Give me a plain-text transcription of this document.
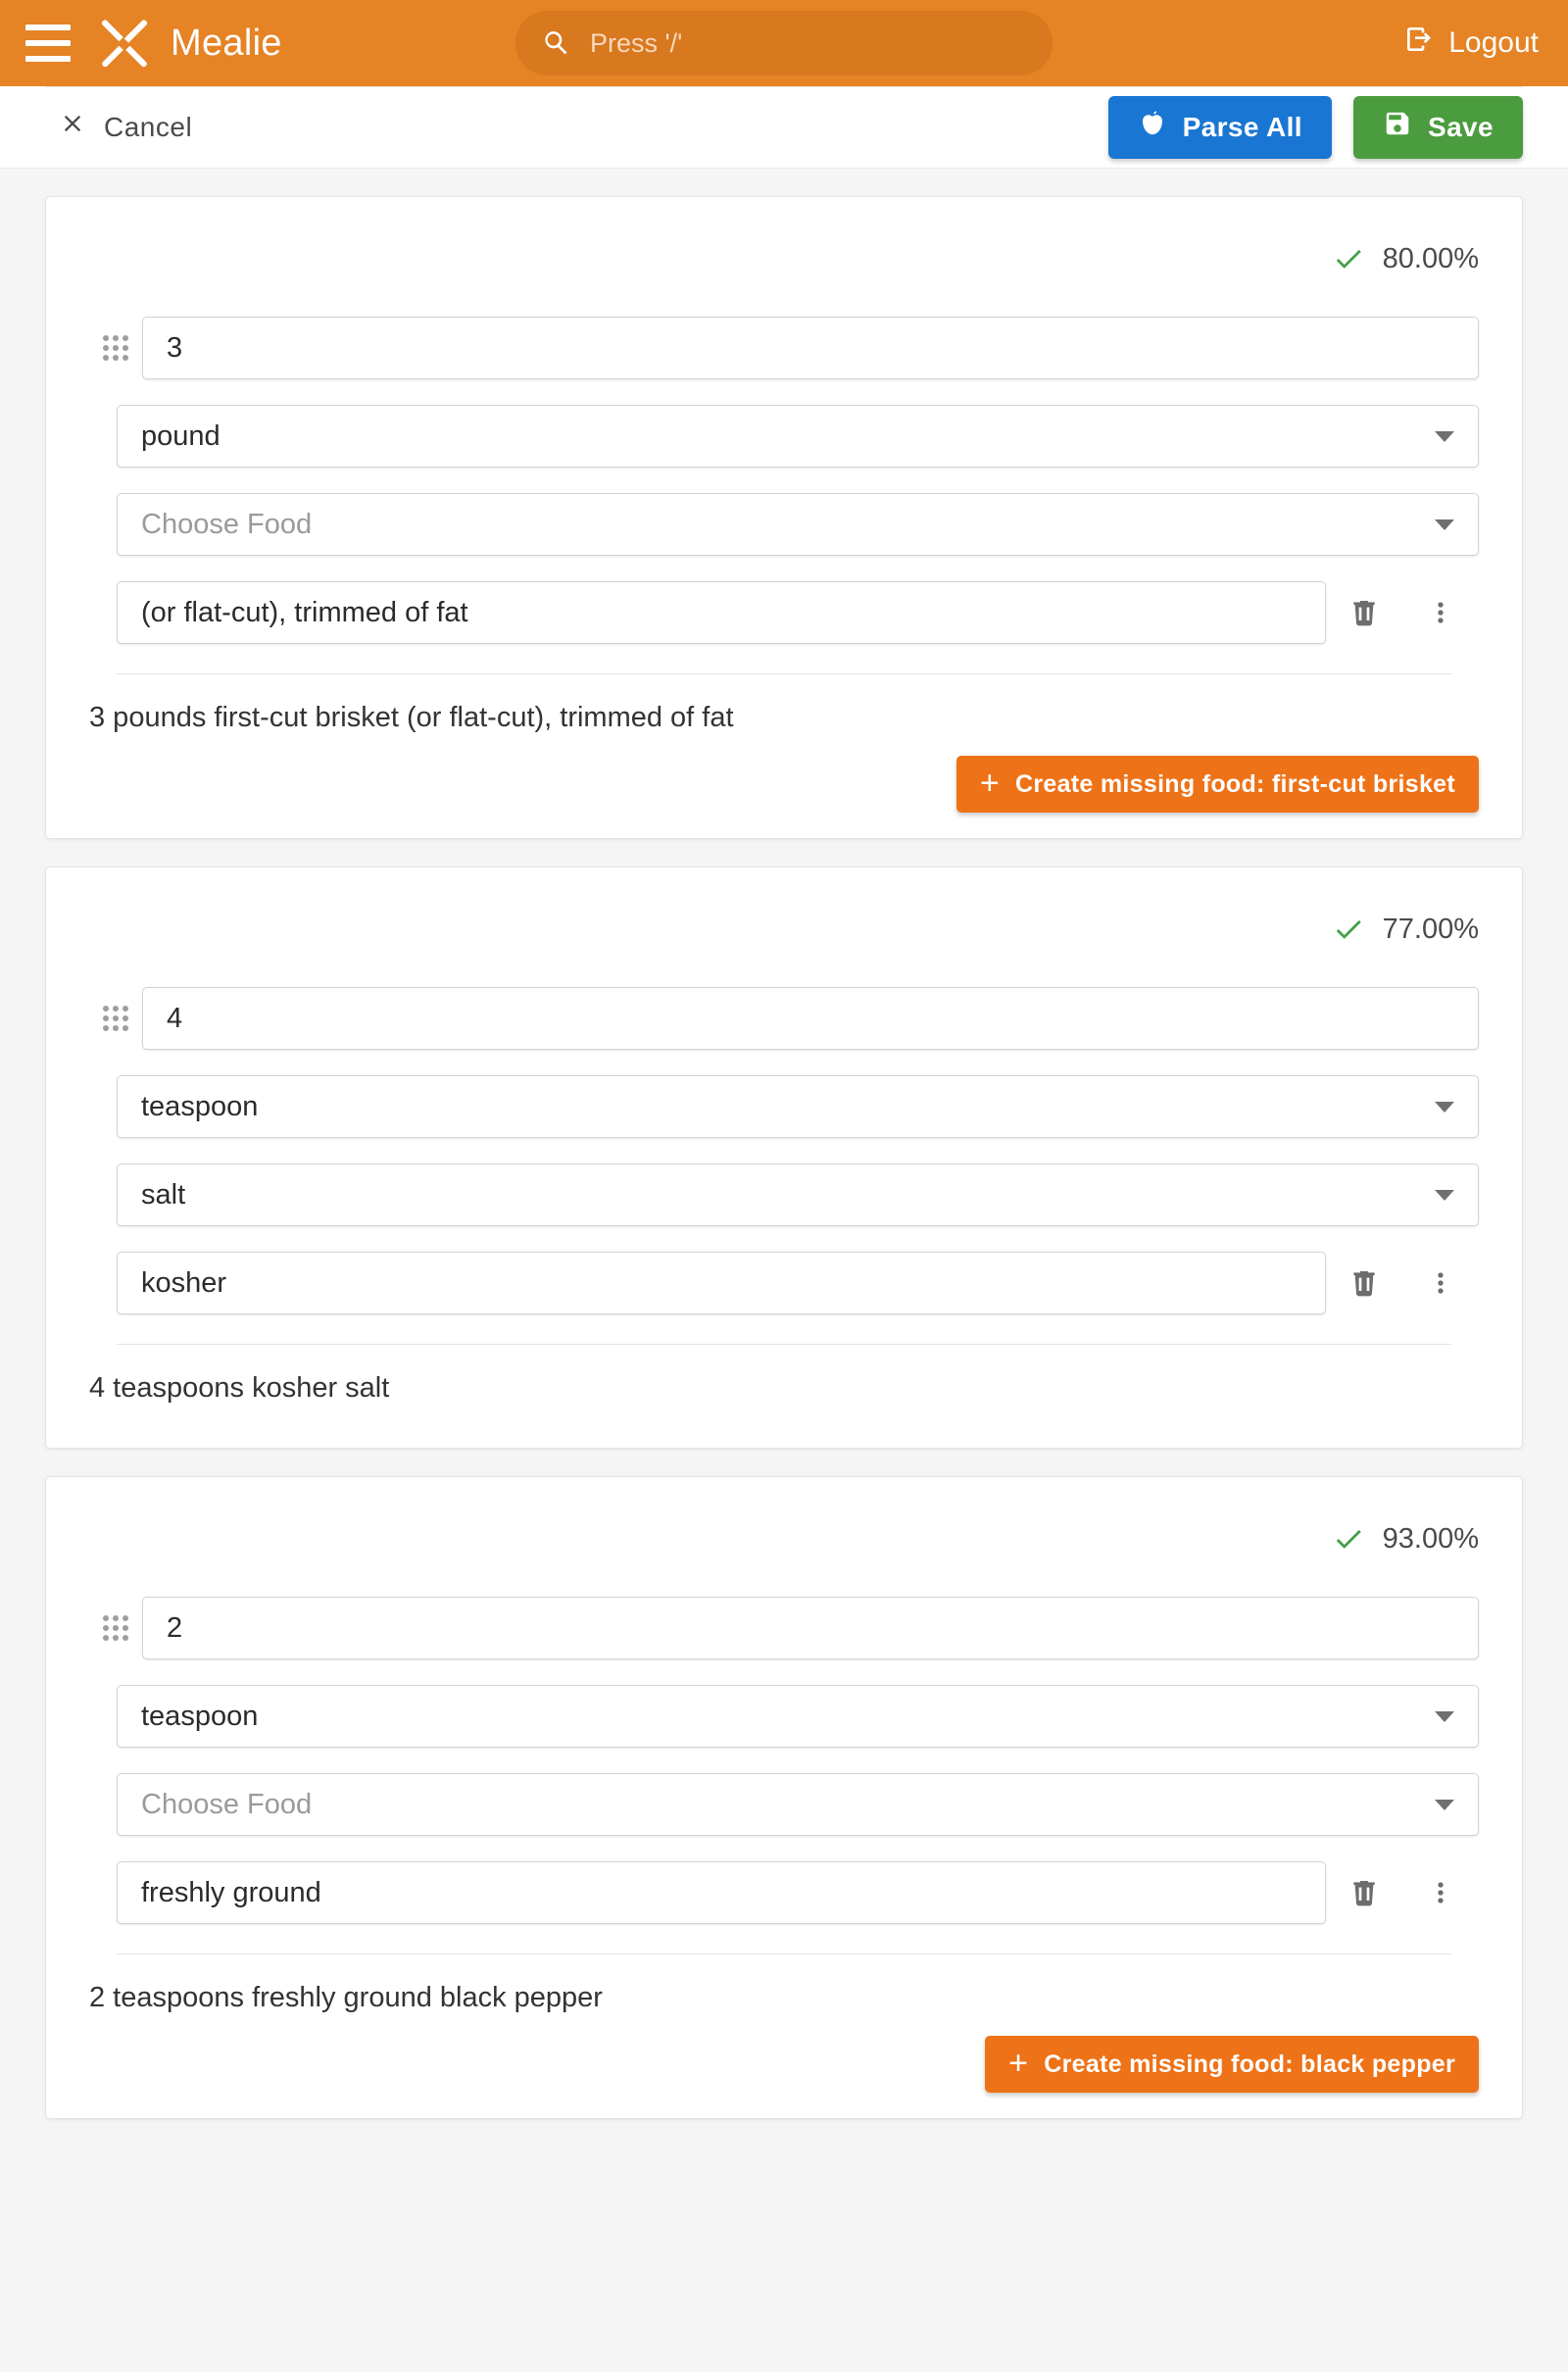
Mealie	Press '/'	Logout
Cancel	Parse All	Save
80.00%
3
pound
Choose Food
(or flat-cut), trimmed of fat
3 pounds first-cut brisket (or flat-cut), trimmed of fat
+ Create missing food: first-cut brisket
77.00%
4
teaspoon
salt
kosher
4 teaspoons kosher salt
93.00%
2
teaspoon
Choose Food
freshly ground
2 teaspoons freshly ground black pepper
+ Create missing food: black pepper
